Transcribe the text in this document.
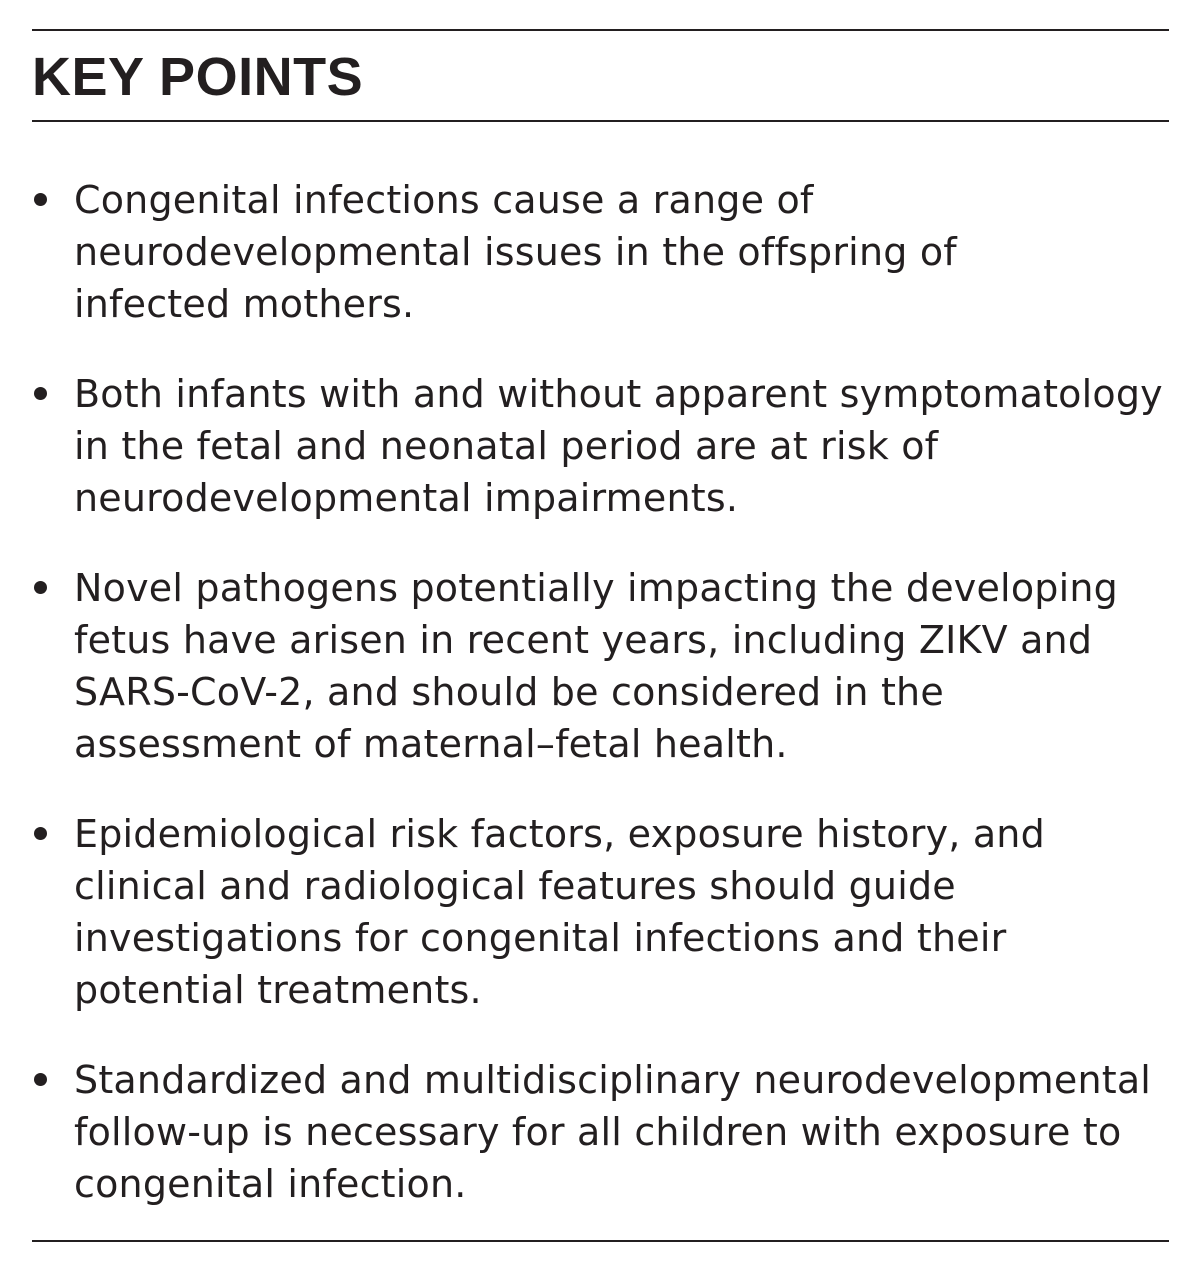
KEY POINTS
Congenital infections cause a range of
neurodevelopmental issues in the offspring of
infected mothers.
Both infants with and without apparent symptomatology
in the fetal and neonatal period are at risk of
neurodevelopmental impairments.
Novel pathogens potentially impacting the developing
fetus have arisen in recent years, including ZIKV and
SARS-CoV-2, and should be considered in the
assessment of maternal–fetal health.
Epidemiological risk factors, exposure history, and
clinical and radiological features should guide
investigations for congenital infections and their
potential treatments.
Standardized and multidisciplinary neurodevelopmental
follow-up is necessary for all children with exposure to
congenital infection.
